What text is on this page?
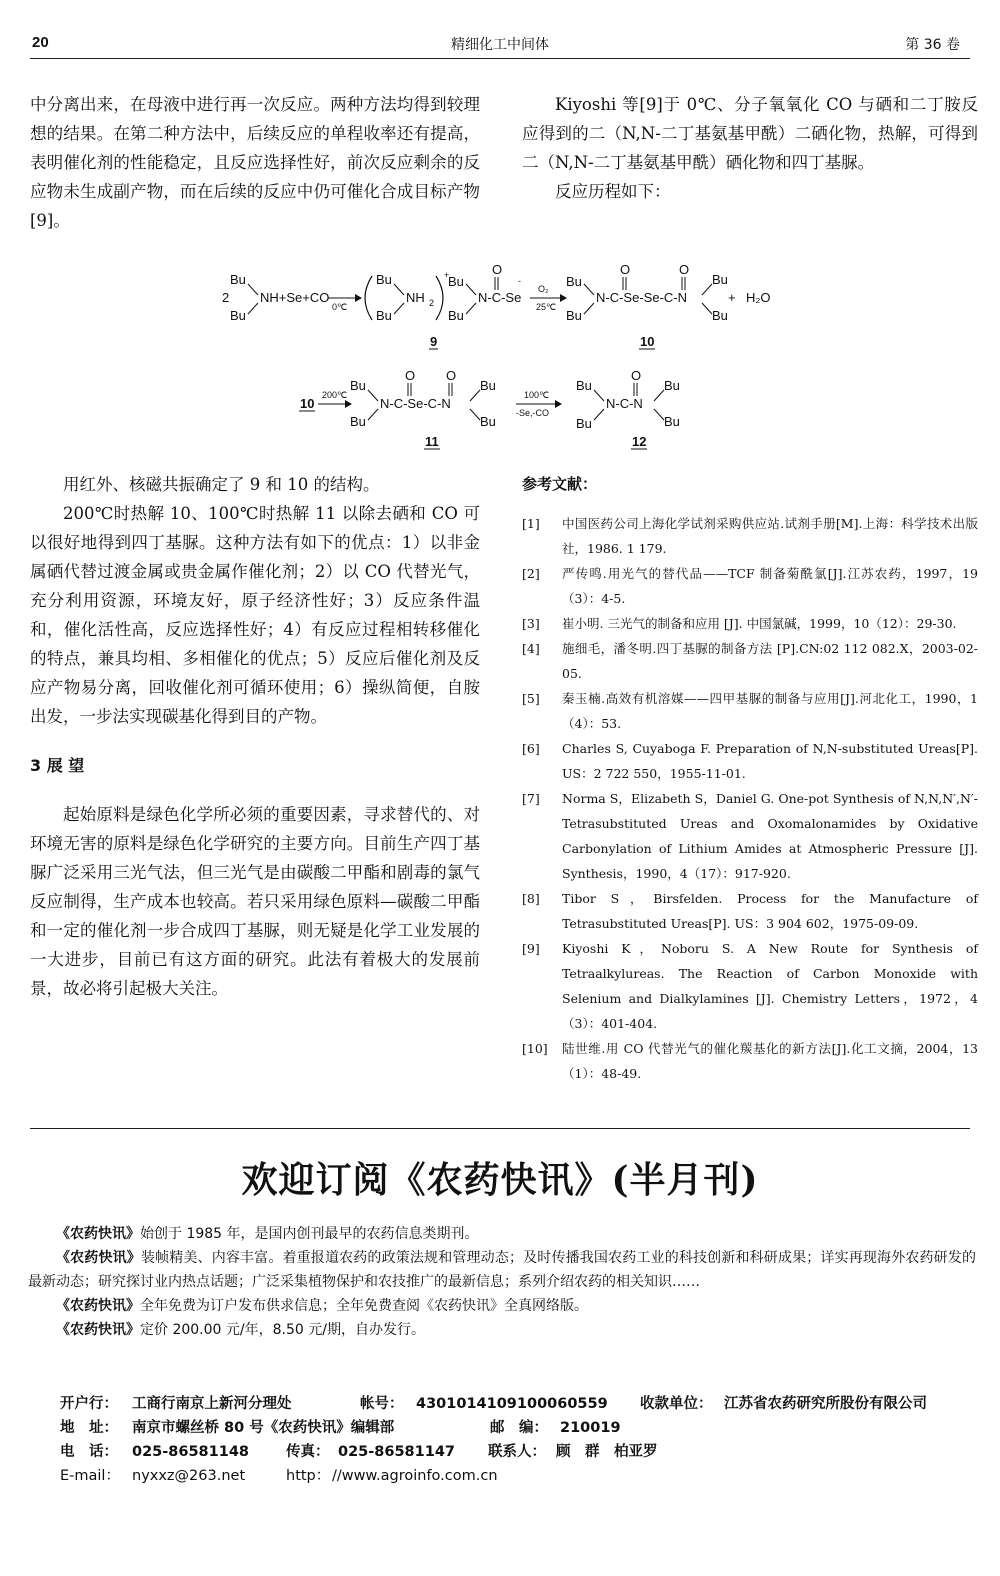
20	精细化工中间体	第 36 卷

中分离出来，在母液中进行再一次反应。两种方法均得到较理想的结果。在第二种方法中，后续反应的单程收率还有提高，表明催化剂的性能稳定，且反应选择性好，前次反应剩余的反应物未生成副产物，而在后续的反应中仍可催化合成目标产物[9]。

Kiyoshi 等[9]于 0℃、分子氧氧化 CO 与硒和二丁胺反应得到的二（N,N-二丁基氨基甲酰）二硒化物，热解，可得到二（N,N-二丁基氨基甲酰）硒化物和四丁基脲。

反应历程如下：

2
Bu
Bu
NH+Se+CO
0℃
Bu
Bu
NH 2
+
Bu
Bu
N-C-Se
O
-
O₂
25℃
Bu
Bu
N-C-Se-Se-C-N
O	O
Bu
Bu
+ H₂O
9	10
10
200℃
Bu
Bu
N-C-Se-C-N
O O
Bu
Bu
100℃
-Se,-CO
Bu
Bu
N-C-N
O
Bu
Bu
11	12

用红外、核磁共振确定了 9 和 10 的结构。

200℃时热解 10、100℃时热解 11 以除去硒和 CO 可以很好地得到四丁基脲。这种方法有如下的优点：1）以非金属硒代替过渡金属或贵金属作催化剂；2）以 CO 代替光气，充分利用资源，环境友好，原子经济性好；3）反应条件温和，催化活性高，反应选择性好；4）有反应过程相转移催化的特点，兼具均相、多相催化的优点；5）反应后催化剂及反应产物易分离，回收催化剂可循环使用；6）操纵简便，自胺出发，一步法实现碳基化得到目的产物。

3 展 望

起始原料是绿色化学所必须的重要因素，寻求替代的、对环境无害的原料是绿色化学研究的主要方向。目前生产四丁基脲广泛采用三光气法，但三光气是由碳酸二甲酯和剧毒的氯气反应制得，生产成本也较高。若只采用绿色原料—碳酸二甲酯和一定的催化剂一步合成四丁基脲，则无疑是化学工业发展的一大进步，目前已有这方面的研究。此法有着极大的发展前景，故必将引起极大关注。

参考文献：
[1] 中国医药公司上海化学试剂采购供应站.试剂手册[M].上海：科学技术出版社，1986. 1 179.
[2] 严传鸣.用光气的替代品——TCF 制备菊酰氯[J].江苏农药，1997，19（3）：4-5.
[3] 崔小明. 三光气的制备和应用 [J]. 中国氯碱，1999，10（12）：29-30.
[4] 施细毛，潘冬明.四丁基脲的制备方法 [P].CN:02 112 082.X，2003-02-05.
[5] 秦玉楠.高效有机溶媒——四甲基脲的制备与应用[J].河北化工，1990，1（4）：53.
[6] Charles S, Cuyaboga F. Preparation of N,N-substituted Ureas[P]. US：2 722 550，1955-11-01.
[7] Norma S，Elizabeth S，Daniel G. One-pot Synthesis of N,N,N′,N′-Tetrasubstituted Ureas and Oxomalonamides by Oxidative Carbonylation of Lithium Amides at Atmospheric Pressure [J]. Synthesis，1990，4（17）：917-920.
[8] Tibor S，Birsfelden. Process for the Manufacture of Tetrasubstituted Ureas[P]. US：3 904 602，1975-09-09.
[9] Kiyoshi K，Noboru S. A New Route for Synthesis of Tetraalkylureas. The Reaction of Carbon Monoxide with Selenium and Dialkylamines [J]. Chemistry Letters，1972，4（3）：401-404.
[10] 陆世维.用 CO 代替光气的催化羰基化的新方法[J].化工文摘，2004，13（1）：48-49.
欢迎订阅《农药快讯》(半月刊)

《农药快讯》始创于 1985 年，是国内创刊最早的农药信息类期刊。

《农药快讯》装帧精美、内容丰富。着重报道农药的政策法规和管理动态；及时传播我国农药工业的科技创新和科研成果；详实再现海外农药研发的最新动态；研究探讨业内热点话题；广泛采集植物保护和农技推广的最新信息；系列介绍农药的相关知识……

《农药快讯》全年免费为订户发布供求信息；全年免费查阅《农药快讯》全真网络版。

《农药快讯》定价 200.00 元/年，8.50 元/期，自办发行。

开户行： 工商行南京上新河分理处	帐号： 4301014109100060559 收款单位： 江苏省农药研究所股份有限公司
地　址： 南京市螺丝桥 80 号《农药快讯》编辑部	邮　编： 210019
电　话： 025-86581148	传真： 025-86581147 联系人： 顾　群　柏亚罗
E-mail： nyxxz@263.net	http： //www.agroinfo.com.cn
